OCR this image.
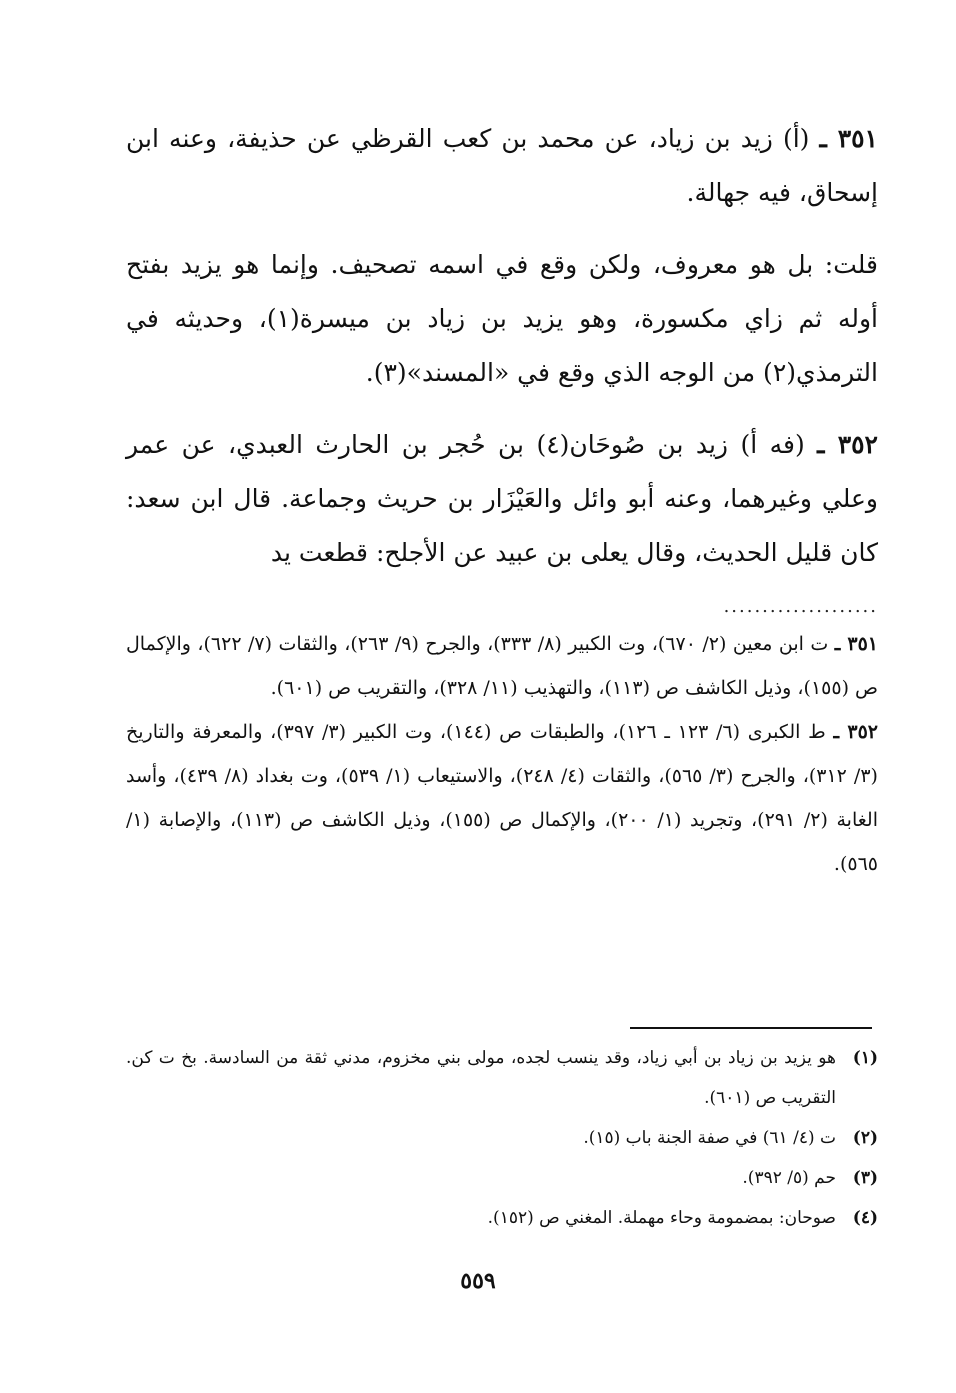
٣٥١ ـ (أ) زيد بن زياد، عن محمد بن كعب القرظي عن حذيفة، وعنه ابن إسحاق، فيه جهالة.

قلت: بل هو معروف، ولكن وقع في اسمه تصحيف. وإنما هو يزيد بفتح أوله ثم زاي مكسورة، وهو يزيد بن زياد بن ميسرة(١)، وحديثه في الترمذي(٢) من الوجه الذي وقع في «المسند»(٣).

٣٥٢ ـ (فه أ) زيد بن صُوحَان(٤) بن حُجر بن الحارث العبدي، عن عمر وعلي وغيرهما، وعنه أبو وائل والعَيْزَار بن حريث وجماعة. قال ابن سعد: كان قليل الحديث، وقال يعلى بن عبيد عن الأجلح: قطعت يد

....................

٣٥١ ـ ت ابن معين (٢/ ٦٧٠)، وت الكبير (٨/ ٣٣٣)، والجرح (٩/ ٢٦٣)، والثقات (٧/ ٦٢٢)، والإكمال ص (١٥٥)، وذيل الكاشف ص (١١٣)، والتهذيب (١١/ ٣٢٨)، والتقريب ص (٦٠١).

٣٥٢ ـ ط الكبرى (٦/ ١٢٣ ـ ١٢٦)، والطبقات ص (١٤٤)، وت الكبير (٣/ ٣٩٧)، والمعرفة والتاريخ (٣/ ٣١٢)، والجرح (٣/ ٥٦٥)، والثقات (٤/ ٢٤٨)، والاستيعاب (١/ ٥٣٩)، وت بغداد (٨/ ٤٣٩)، وأسد الغابة (٢/ ٢٩١)، وتجريد (١/ ٢٠٠)، والإكمال ص (١٥٥)، وذيل الكاشف ص (١١٣)، والإصابة (١/ ٥٦٥).

(١)
هو يزيد بن زياد بن أبي زياد، وقد ينسب لجده، مولى بني مخزوم، مدني ثقة من السادسة. بخ ت كن. التقريب ص (٦٠١).
(٢)
ت (٤/ ٦١) في صفة الجنة باب (١٥).
(٣)
حم (٥/ ٣٩٢).
(٤)
صوحان: بمضمومة وحاء مهملة. المغني ص (١٥٢).
٥٥٩
